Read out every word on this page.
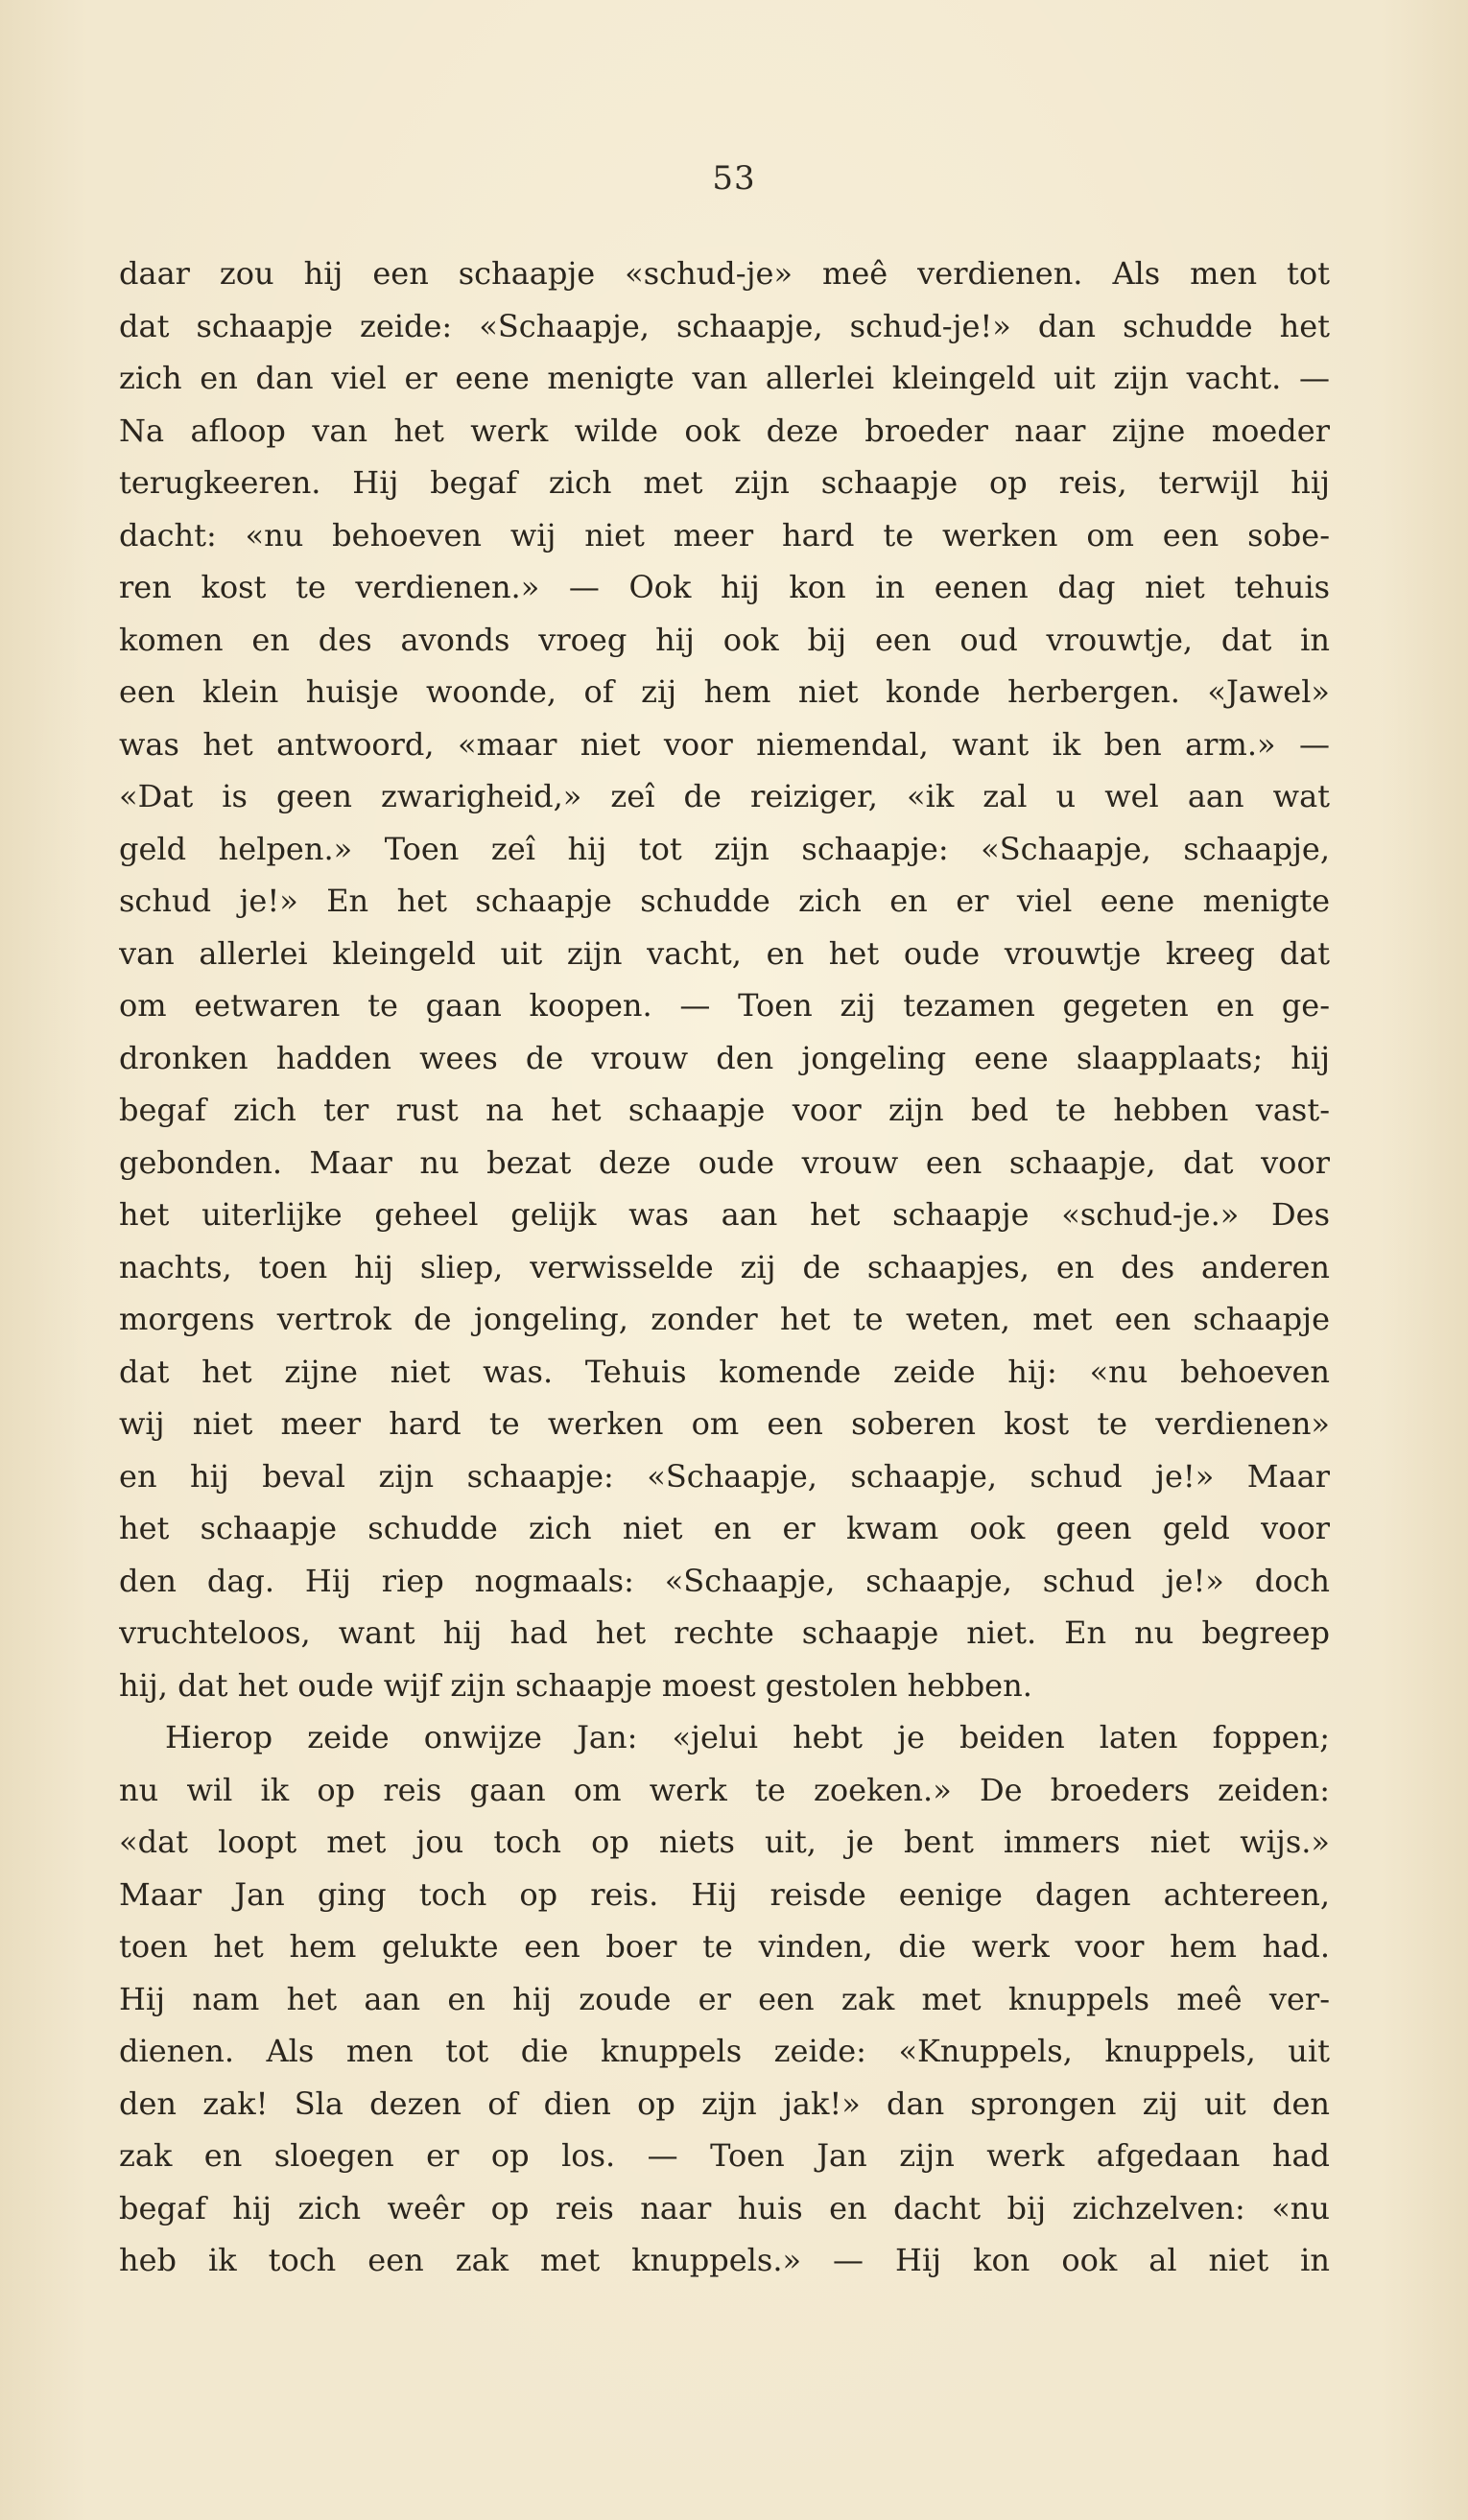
53
daar zou hij een schaapje «schud-je» meê verdienen. Als men tot
dat schaapje zeide: «Schaapje, schaapje, schud-je!» dan schudde het
zich en dan viel er eene menigte van allerlei kleingeld uit zijn vacht. —
Na afloop van het werk wilde ook deze broeder naar zijne moeder
terugkeeren. Hij begaf zich met zijn schaapje op reis, terwijl hij
dacht: «nu behoeven wij niet meer hard te werken om een sobe-
ren kost te verdienen.» — Ook hij kon in eenen dag niet tehuis
komen en des avonds vroeg hij ook bij een oud vrouwtje, dat in
een klein huisje woonde, of zij hem niet konde herbergen. «Jawel»
was het antwoord, «maar niet voor niemendal, want ik ben arm.» —
«Dat is geen zwarigheid,» zeî de reiziger, «ik zal u wel aan wat
geld helpen.» Toen zeî hij tot zijn schaapje: «Schaapje, schaapje,
schud je!» En het schaapje schudde zich en er viel eene menigte
van allerlei kleingeld uit zijn vacht, en het oude vrouwtje kreeg dat
om eetwaren te gaan koopen. — Toen zij tezamen gegeten en ge-
dronken hadden wees de vrouw den jongeling eene slaapplaats; hij
begaf zich ter rust na het schaapje voor zijn bed te hebben vast-
gebonden. Maar nu bezat deze oude vrouw een schaapje, dat voor
het uiterlijke geheel gelijk was aan het schaapje «schud-je.» Des
nachts, toen hij sliep, verwisselde zij de schaapjes, en des anderen
morgens vertrok de jongeling, zonder het te weten, met een schaapje
dat het zijne niet was. Tehuis komende zeide hij: «nu behoeven
wij niet meer hard te werken om een soberen kost te verdienen»
en hij beval zijn schaapje: «Schaapje, schaapje, schud je!» Maar
het schaapje schudde zich niet en er kwam ook geen geld voor
den dag. Hij riep nogmaals: «Schaapje, schaapje, schud je!» doch
vruchteloos, want hij had het rechte schaapje niet. En nu begreep
hij, dat het oude wijf zijn schaapje moest gestolen hebben.
Hierop zeide onwijze Jan: «jelui hebt je beiden laten foppen;
nu wil ik op reis gaan om werk te zoeken.» De broeders zeiden:
«dat loopt met jou toch op niets uit, je bent immers niet wijs.»
Maar Jan ging toch op reis. Hij reisde eenige dagen achtereen,
toen het hem gelukte een boer te vinden, die werk voor hem had.
Hij nam het aan en hij zoude er een zak met knuppels meê ver-
dienen. Als men tot die knuppels zeide: «Knuppels, knuppels, uit
den zak! Sla dezen of dien op zijn jak!» dan sprongen zij uit den
zak en sloegen er op los. — Toen Jan zijn werk afgedaan had
begaf hij zich weêr op reis naar huis en dacht bij zichzelven: «nu
heb ik toch een zak met knuppels.» — Hij kon ook al niet in
